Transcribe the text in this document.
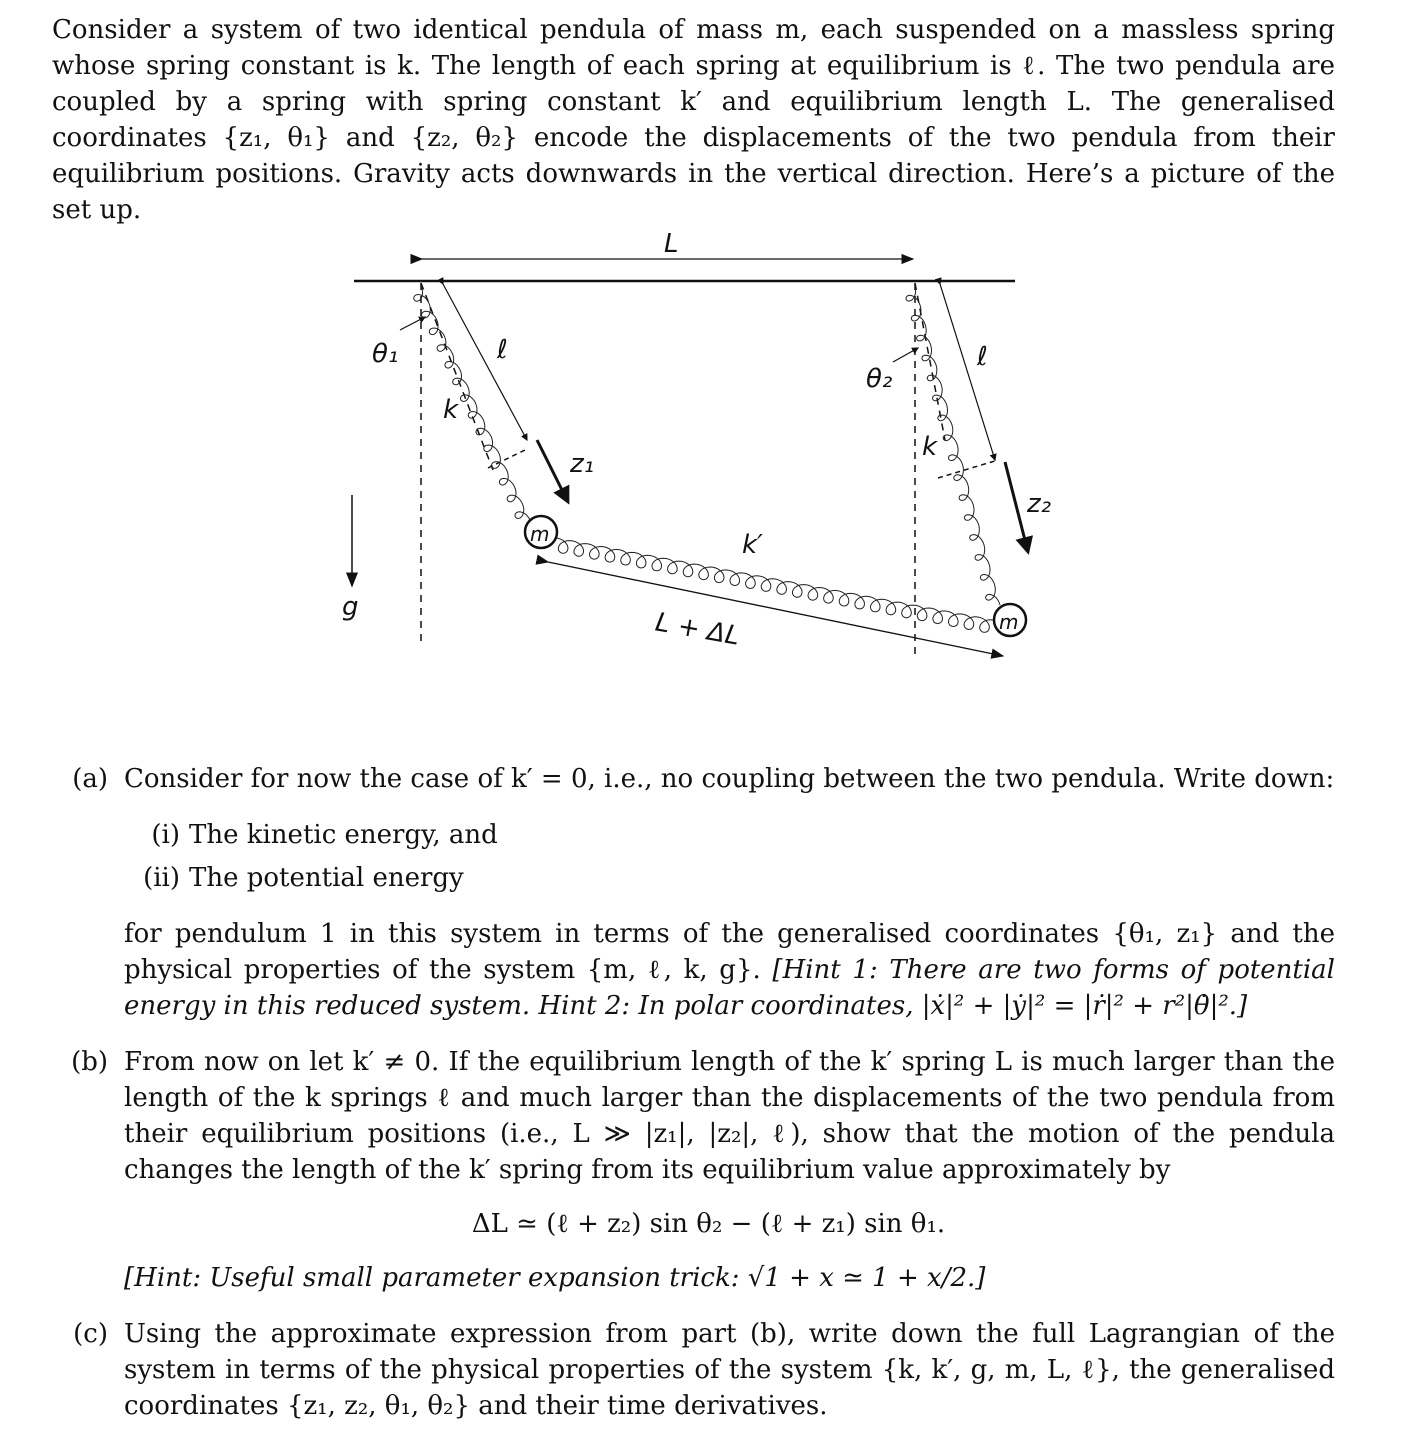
Consider a system of two identical pendula of mass m, each suspended on a massless spring whose spring constant is k. The length of each spring at equilibrium is ℓ. The two pendula are coupled by a spring with spring constant k′ and equilibrium length L. The generalised coordinates {z₁, θ₁} and {z₂, θ₂} encode the displacements of the two pendula from their equilibrium positions. Gravity acts downwards in the vertical direction. Here’s a picture of the set up.
L
θ₁	ℓ
k
z₁
k′
L + ΔL
θ₂
ℓ
k
z₂
g
m
m
(a) Consider for now the case of k′ = 0, i.e., no coupling between the two pendula. Write down:
(i) The kinetic energy, and
(ii) The potential energy
for pendulum 1 in this system in terms of the generalised coordinates {θ₁, z₁} and the physical properties of the system {m, ℓ, k, g}. [Hint 1: There are two forms of potential energy in this reduced system. Hint 2: In polar coordinates, |ẋ|² + |ẏ|² = |ṙ|² + r²|θ̇|².]
(b) From now on let k′ ≠ 0. If the equilibrium length of the k′ spring L is much larger than the length of the k springs ℓ and much larger than the displacements of the two pendula from their equilibrium positions (i.e., L ≫ |z₁|, |z₂|, ℓ), show that the motion of the pendula changes the length of the k′ spring from its equilibrium value approximately by
ΔL ≃ (ℓ + z₂) sin θ₂ − (ℓ + z₁) sin θ₁.
[Hint: Useful small parameter expansion trick: √1 + x ≃ 1 + x/2.]
(c) Using the approximate expression from part (b), write down the full Lagrangian of the system in terms of the physical properties of the system {k, k′, g, m, L, ℓ}, the generalised coordinates {z₁, z₂, θ₁, θ₂} and their time derivatives.
